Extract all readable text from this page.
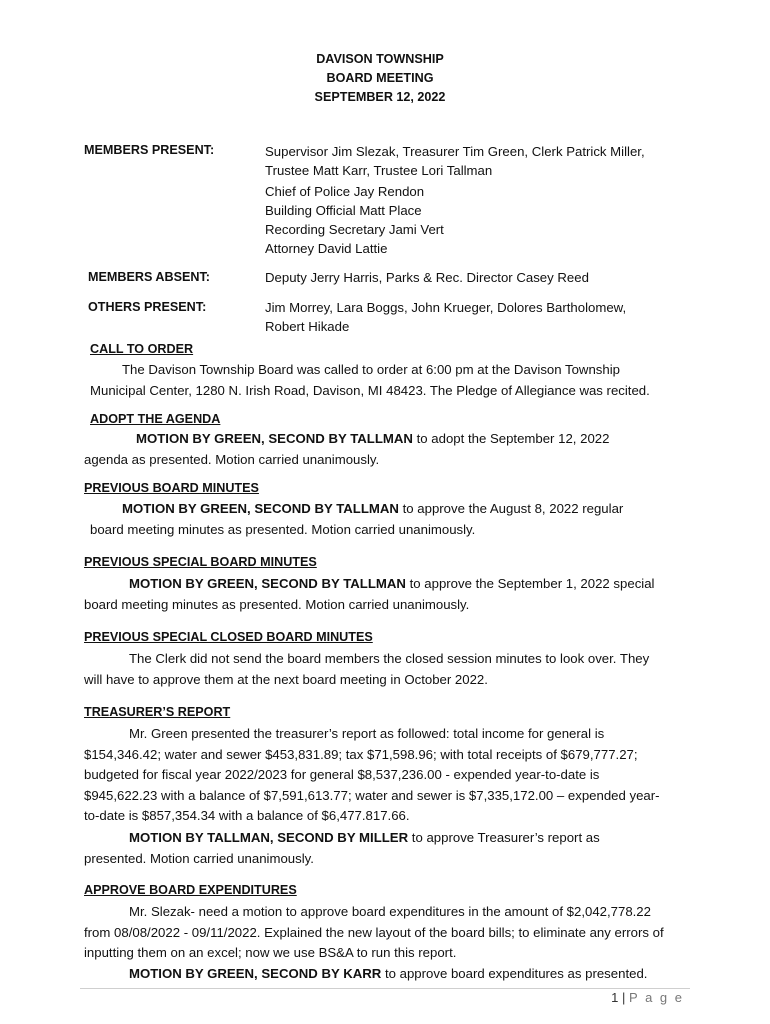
DAVISON TOWNSHIP
BOARD MEETING
SEPTEMBER 12, 2022
MEMBERS PRESENT:	Supervisor Jim Slezak, Treasurer Tim Green, Clerk Patrick Miller,
Trustee Matt Karr, Trustee Lori Tallman
Chief of Police Jay Rendon
Building Official Matt Place
Recording Secretary Jami Vert
Attorney David Lattie
MEMBERS ABSENT:	Deputy Jerry Harris, Parks & Rec. Director Casey Reed
OTHERS PRESENT:	Jim Morrey, Lara Boggs, John Krueger, Dolores Bartholomew,
Robert Hikade
CALL TO ORDER
The Davison Township Board was called to order at 6:00 pm at the Davison Township Municipal Center, 1280 N. Irish Road, Davison, MI 48423. The Pledge of Allegiance was recited.
ADOPT THE AGENDA
MOTION BY GREEN, SECOND BY TALLMAN to adopt the September 12, 2022 agenda as presented. Motion carried unanimously.
PREVIOUS BOARD MINUTES
MOTION BY GREEN, SECOND BY TALLMAN to approve the August 8, 2022 regular board meeting minutes as presented. Motion carried unanimously.
PREVIOUS SPECIAL BOARD MINUTES
MOTION BY GREEN, SECOND BY TALLMAN to approve the September 1, 2022 special board meeting minutes as presented. Motion carried unanimously.
PREVIOUS SPECIAL CLOSED BOARD MINUTES
The Clerk did not send the board members the closed session minutes to look over. They will have to approve them at the next board meeting in October 2022.
TREASURER’S REPORT
Mr. Green presented the treasurer’s report as followed: total income for general is $154,346.42; water and sewer $453,831.89; tax $71,598.96; with total receipts of $679,777.27; budgeted for fiscal year 2022/2023 for general $8,537,236.00 - expended year-to-date is $945,622.23 with a balance of $7,591,613.77; water and sewer is $7,335,172.00 – expended year-to-date is $857,354.34 with a balance of $6,477.817.66.
MOTION BY TALLMAN, SECOND BY MILLER to approve Treasurer’s report as presented. Motion carried unanimously.
APPROVE BOARD EXPENDITURES
Mr. Slezak- need a motion to approve board expenditures in the amount of $2,042,778.22 from 08/08/2022 - 09/11/2022. Explained the new layout of the board bills; to eliminate any errors of inputting them on an excel; now we use BS&A to run this report.
MOTION BY GREEN, SECOND BY KARR to approve board expenditures as presented.
1 | P a g e
